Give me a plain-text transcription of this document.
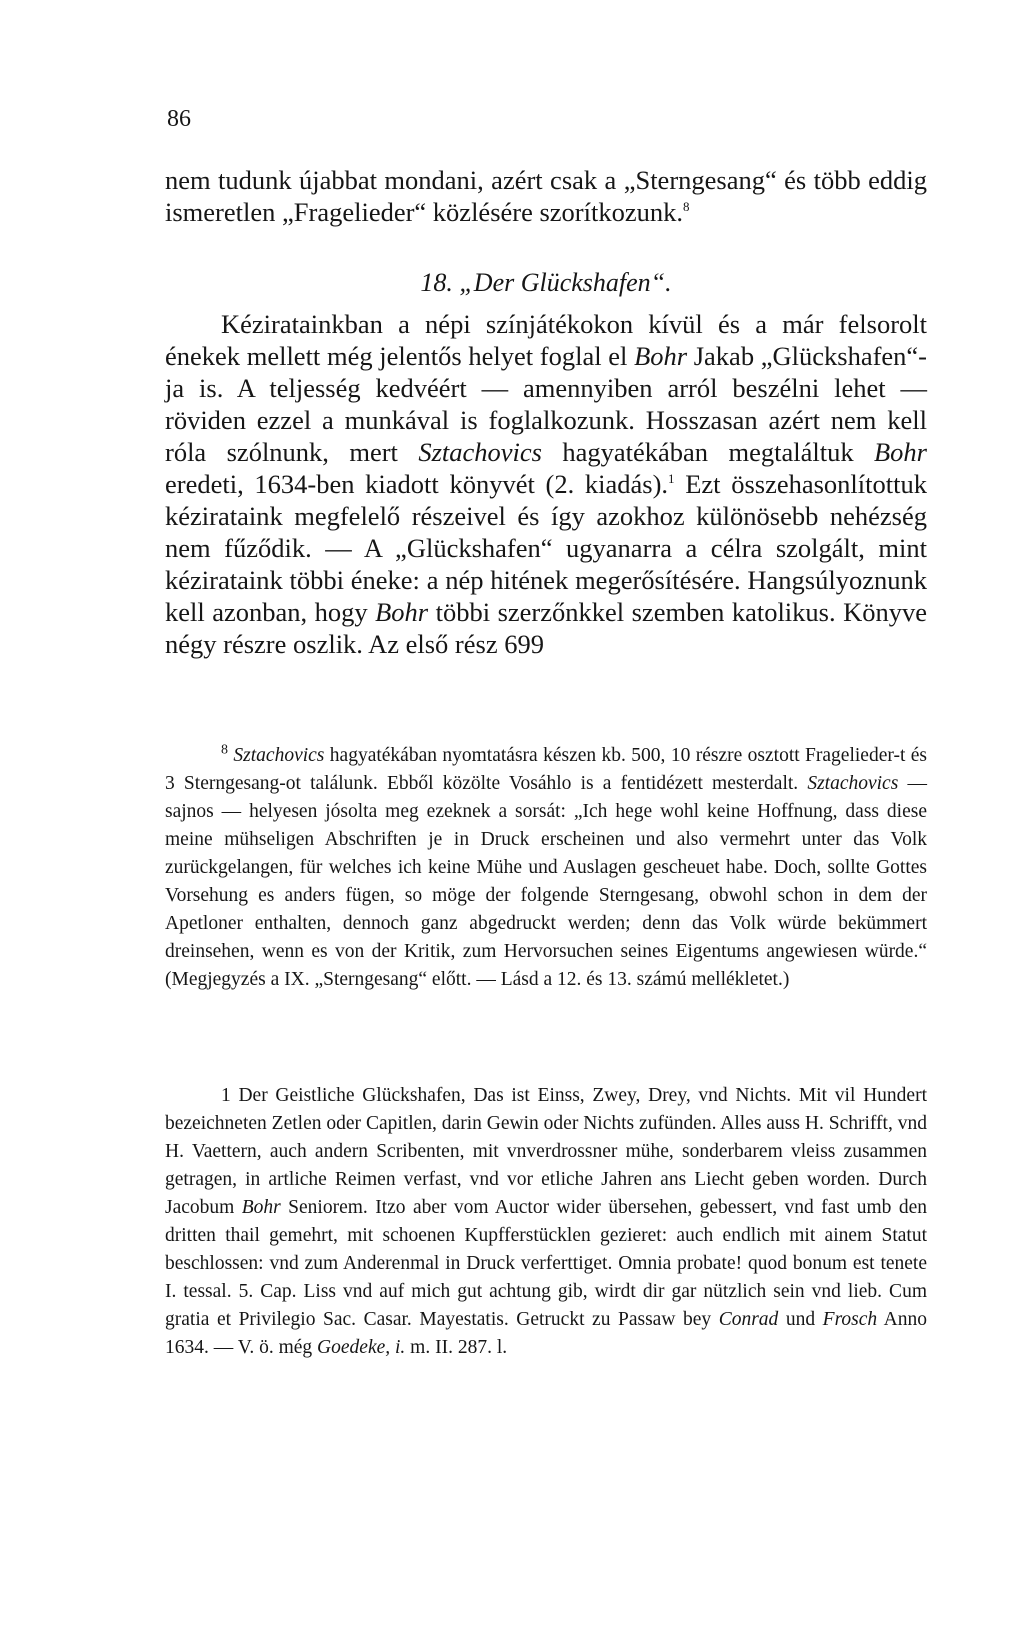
86

nem tudunk újabbat mondani, azért csak a „Sterngesang“ és több eddig ismeretlen „Fragelieder“ közlésére szorítkozunk.$^8$

18. „Der Glückshafen“.

Kéziratainkban a népi színjátékokon kívül és a már felsorolt énekek mellett még jelentős helyet foglal el Bohr Jakab „Glückshafen“-ja is. A teljesség kedvéért — amennyiben arról beszélni lehet — röviden ezzel a munkával is foglalkozunk. Hosszasan azért nem kell róla szólnunk, mert Sztachovics hagyatékában megtaláltuk Bohr eredeti, 1634-ben kiadott könyvét (2. kiadás).$^1$ Ezt összehasonlítottuk kézirataink megfelelő részeivel és így azokhoz különösebb nehézség nem fűződik. — A „Glückshafen“ ugyanarra a célra szolgált, mint kézirataink többi éneke: a nép hitének megerősítésére. Hangsúlyoznunk kell azonban, hogy Bohr többi szerzőnkkel szemben katolikus. Könyve négy részre oszlik. Az első rész 699

$^8$ Sztachovics hagyatékában nyomtatásra készen kb. 500, 10 részre osztott Fragelieder-t és 3 Sterngesang-ot találunk. Ebből közölte Vosáhlo is a fentidézett mesterdalt. Sztachovics — sajnos — helyesen jósolta meg ezeknek a sorsát: „Ich hege wohl keine Hoffnung, dass diese meine mühseligen Abschriften je in Druck erscheinen und also vermehrt unter das Volk zurückgelangen, für welches ich keine Mühe und Auslagen gescheuet habe. Doch, sollte Gottes Vorsehung es anders fügen, so möge der folgende Sterngesang, obwohl schon in dem der Apetloner enthalten, dennoch ganz abgedruckt werden; denn das Volk würde bekümmert dreinsehen, wenn es von der Kritik, zum Hervorsuchen seines Eigentums angewiesen würde.“ (Megjegyzés a IX. „Sterngesang“ előtt. — Lásd a 12. és 13. számú mellékletet.)

1 Der Geistliche Glückshafen, Das ist Einss, Zwey, Drey, vnd Nichts. Mit vil Hundert bezeichneten Zetlen oder Capitlen, darin Gewin oder Nichts zufünden. Alles auss H. Schrifft, vnd H. Vaettern, auch andern Scribenten, mit vnverdrossner mühe, sonderbarem vleiss zusammen getragen, in artliche Reimen verfast, vnd vor etliche Jahren ans Liecht geben worden. Durch Jacobum Bohr Seniorem. Itzo aber vom Auctor wider übersehen, gebessert, vnd fast umb den dritten thail gemehrt, mit schoenen Kupfferstücklen gezieret: auch endlich mit ainem Statut beschlossen: vnd zum Anderenmal in Druck verferttiget. Omnia probate! quod bonum est tenete I. tessal. 5. Cap. Liss vnd auf mich gut achtung gib, wirdt dir gar nützlich sein vnd lieb. Cum gratia et Privilegio Sac. Casar. Mayestatis. Getruckt zu Passaw bey Conrad und Frosch Anno 1634. — V. ö. még Goedeke, i. m. II. 287. l.
